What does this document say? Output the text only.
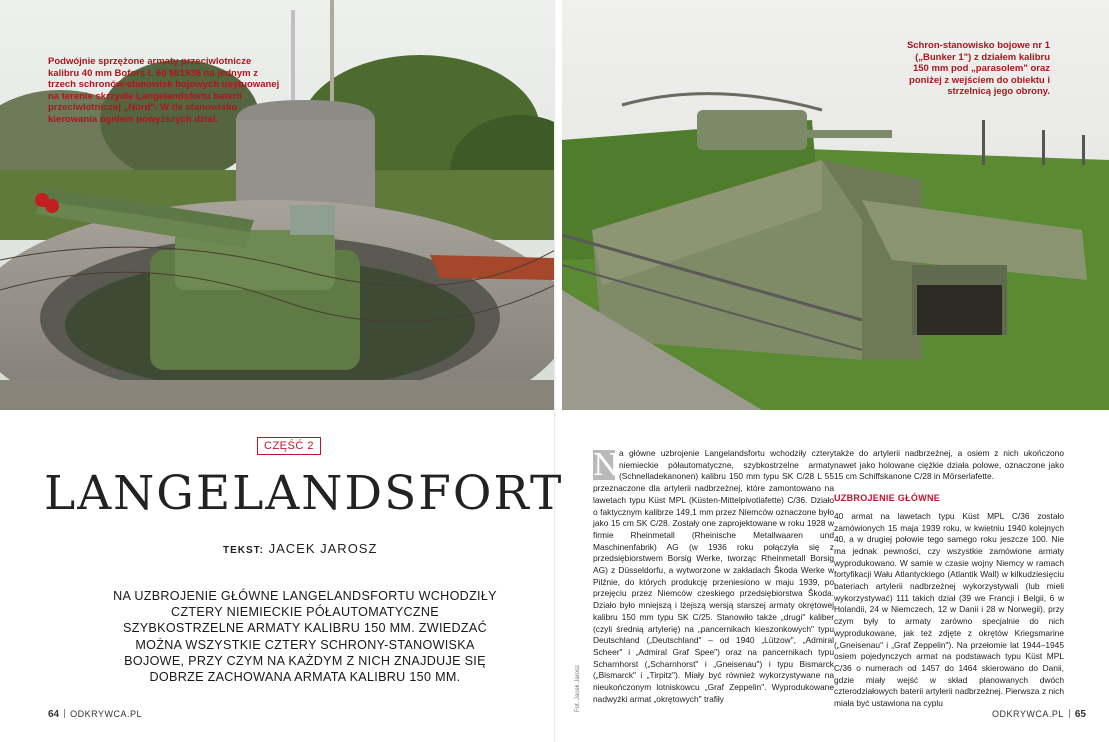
Podwójnie sprzężone armaty przeciwlotnicze kalibru 40 mm Bofors L 60 M/1938 na jednym z trzech schronów-stanowisk bojowych usytuowanej na terenie skrzydle Langelandsfortu baterii przeciwlotniczej „Nord". W tle stanowisko kierowania ogniem powyższych dział.
Schron-stanowisko bojowe nr 1 („Bunker 1") z działem kalibru 150 mm pod „parasolem" oraz poniżej z wejściem do obiektu i strzelnicą jego obrony.
CZĘŚĆ 2
LANGELANDSFORT
TEKST: JACEK JAROSZ
NA UZBROJENIE GŁÓWNE LANGELANDSFORTU WCHODZIŁY CZTERY NIEMIECKIE PÓŁAUTOMATYCZNE SZYBKOSTRZELNE ARMATY KALIBRU 150 MM. ZWIEDZAĆ MOŻNA WSZYSTKIE CZTERY SCHRONY-STANOWISKA BOJOWE, PRZY CZYM NA KAŻDYM Z NICH ZNAJDUJE SIĘ DOBRZE ZACHOWANA ARMATA KALIBRU 150 MM.	Fot. Jacek Jarosz

N a główne uzbrojenie Langelandsfortu wchodziły cztery niemieckie półautomatyczne, szybkostrzelne armaty (Schnelladekanonen) kalibru 150 mm typu SK C/28 L 55 przeznaczone dla artylerii nadbrzeżnej, które zamontowano na lawetach typu Küst MPL (Küsten-Mittelpivotlafette) C/36. Działo o faktycznym kalibrze 149,1 mm przez Niemców oznaczone było jako 15 cm SK C/28. Zostały one zaprojektowane w roku 1928 w firmie Rheinmetall (Rheinische Metallwaaren und Maschinenfabrik) AG (w 1936 roku połączyła się z przedsiębiorstwem Borsig Werke, tworząc Rheinmetall Borsig AG) z Düsseldorfu, a wytworzone w zakładach Škoda Werke w Pilźnie, do których produkcję przeniesiono w maju 1939, po przejęciu przez Niemców czeskiego przedsiębiorstwa Škoda. Działo było mniejszą i lżejszą wersją starszej armaty okrętowej kalibru 150 mm typu SK C/25. Stanowiło także „drugi" kaliber (czyli średnią artylerię) na „pancernikach kieszonkowych" typu Deutschland („Deutschland" – od 1940 „Lützow", „Admiral Scheer" i „Admiral Graf Spee") oraz na pancernikach typu Scharnhorst („Scharnhorst" i „Gneisenau") i typu Bismarck („Bismarck" i „Tirpitz"). Miały być również wykorzystywane na nieukończonym lotniskowcu „Graf Zeppelin". Wyprodukowane nadwyżki armat „okrętowych" trafiły

także do artylerii nadbrzeżnej, a osiem z nich ukończono nawet jako holowane ciężkie działa polowe, oznaczone jako 15 cm Schiffskanone C/28 in Mörserlafette.

UZBROJENIE GŁÓWNE

40 armat na lawetach typu Küst MPL C/36 zostało zamówionych 15 maja 1939 roku, w kwietniu 1940 kolejnych 40, a w drugiej połowie tego samego roku jeszcze 100. Nie ma jednak pewności, czy wszystkie zamówione armaty wyprodukowano. W samie w czasie wojny Niemcy w ramach fortyfikacji Wału Atlantyckiego (Atlantik Wall) w kilkudziesięciu bateriach artylerii nadbrzeżnej wykorzystywali (lub mieli wykorzystywać) 111 takich dział (39 we Francji i Belgii, 6 w Holandii, 24 w Niemczech, 12 w Danii i 28 w Norwegii), przy czym były to armaty zarówno specjalnie do nich wyprodukowane, jak też zdjęte z okrętów Kriegsmarine („Gneisenau" i „Graf Zeppelin"). Na przełomie lat 1944–1945 osiem pojedynczych armat na podstawach typu Küst MPL C/36 o numerach od 1457 do 1464 skierowano do Danii, gdzie miały wejść w skład planowanych dwóch czterodziałowych baterii artylerii nadbrzeżnej. Pierwsza z nich miała być ustawiona na cyplu

64 ODKRYWCA.PL	ODKRYWCA.PL 65
